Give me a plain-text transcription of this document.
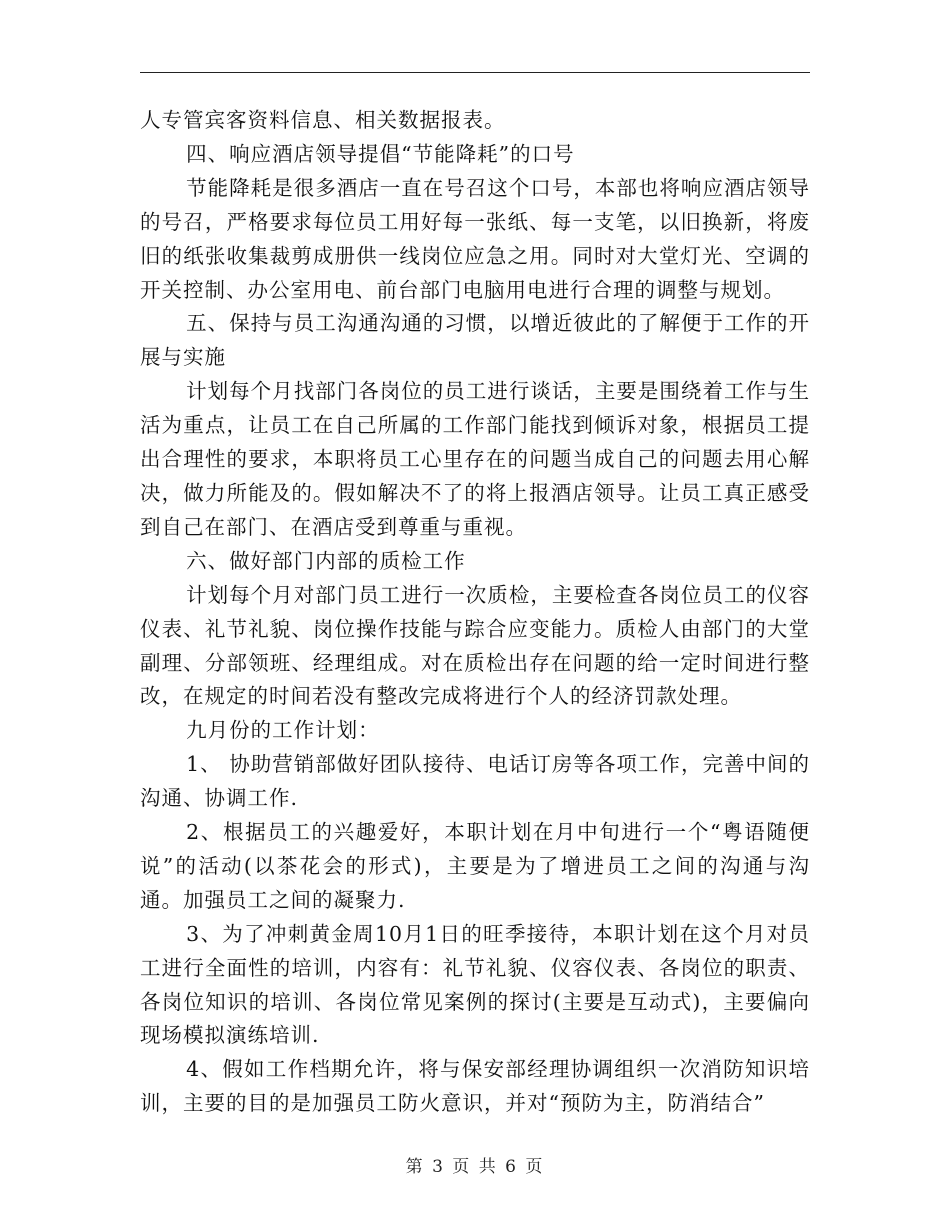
人专管宾客资料信息、相关数据报表。

四、响应酒店领导提倡“节能降耗”的口号

节能降耗是很多酒店一直在号召这个口号，本部也将响应酒店领导的号召，严格要求每位员工用好每一张纸、每一支笔，以旧换新，将废旧的纸张收集裁剪成册供一线岗位应急之用。同时对大堂灯光、空调的开关控制、办公室用电、前台部门电脑用电进行合理的调整与规划。

五、保持与员工沟通沟通的习惯，以增近彼此的了解便于工作的开展与实施

计划每个月找部门各岗位的员工进行谈话，主要是围绕着工作与生活为重点，让员工在自己所属的工作部门能找到倾诉对象，根据员工提出合理性的要求，本职将员工心里存在的问题当成自己的问题去用心解决，做力所能及的。假如解决不了的将上报酒店领导。让员工真正感受到自己在部门、在酒店受到尊重与重视。

六、做好部门内部的质检工作

计划每个月对部门员工进行一次质检，主要检查各岗位员工的仪容仪表、礼节礼貌、岗位操作技能与踪合应变能力。质检人由部门的大堂副理、分部领班、经理组成。对在质检出存在问题的给一定时间进行整改，在规定的时间若没有整改完成将进行个人的经济罚款处理。

九月份的工作计划：

1、 协助营销部做好团队接待、电话订房等各项工作，完善中间的沟通、协调工作.

2、根据员工的兴趣爱好，本职计划在月中旬进行一个“粤语随便说”的活动(以茶花会的形式)，主要是为了增进员工之间的沟通与沟通。加强员工之间的凝聚力.

3、为了冲刺黄金周10月1日的旺季接待，本职计划在这个月对员工进行全面性的培训，内容有：礼节礼貌、仪容仪表、各岗位的职责、各岗位知识的培训、各岗位常见案例的探讨(主要是互动式)，主要偏向现场模拟演练培训.

4、假如工作档期允许，将与保安部经理协调组织一次消防知识培训，主要的目的是加强员工防火意识，并对“预防为主，防消结合”

第 3 页 共 6 页
